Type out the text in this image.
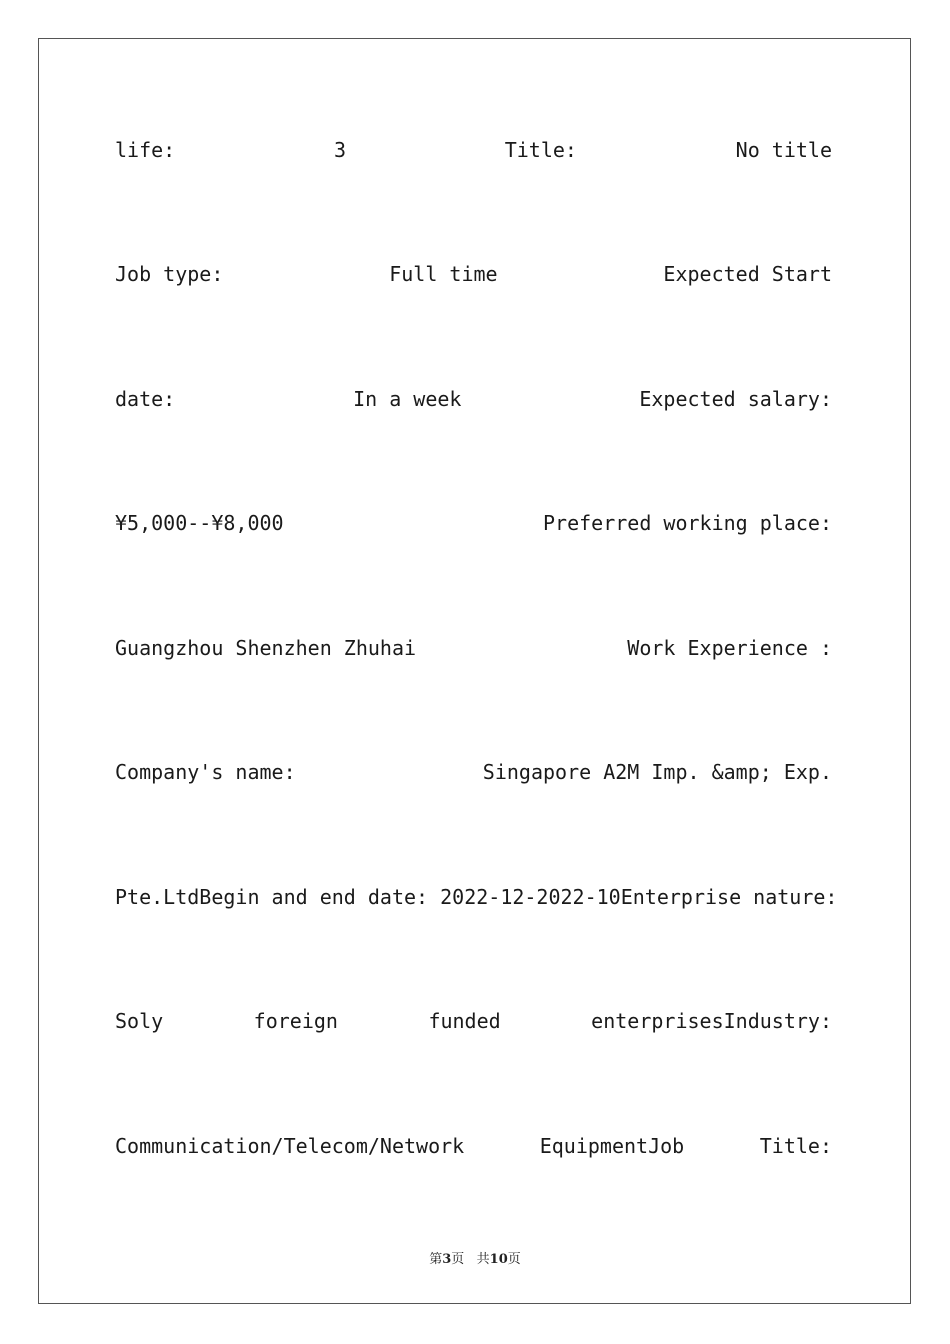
life:	3	Title:	No title
Job type:	Full time	Expected Start
date:	In a week	Expected salary:
¥5,000--¥8,000	Preferred working place:
Guangzhou Shenzhen Zhuhai	Work Experience :
Company's name:	Singapore A2M Imp. &amp; Exp.
Pte.LtdBegin and end date: 2022-12-2022-10Enterprise nature:
Soly	foreign	funded	enterprisesIndustry:
Communication/Telecom/Network	EquipmentJob	Title:
第3页   共10页
